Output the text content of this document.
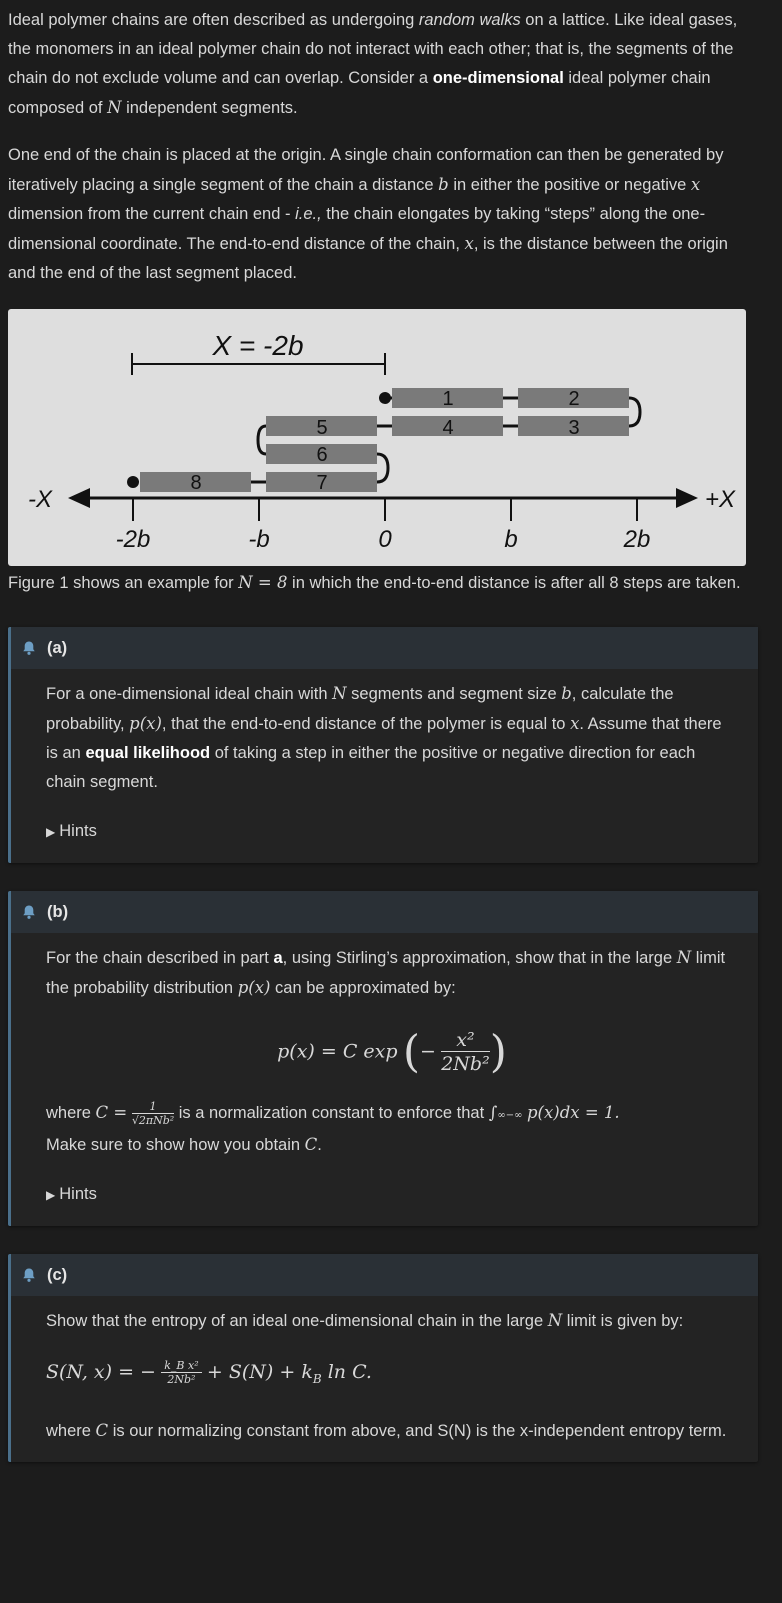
Ideal polymer chains are often described as undergoing random walks on a lattice. Like ideal gases, the monomers in an ideal polymer chain do not interact with each other; that is, the segments of the chain do not exclude volume and can overlap. Consider a one-dimensional ideal polymer chain composed of N independent segments.

One end of the chain is placed at the origin. A single chain conformation can then be generated by iteratively placing a single segment of the chain a distance b in either the positive or negative x dimension from the current chain end - i.e., the chain elongates by taking “steps” along the one-dimensional coordinate. The end-to-end distance of the chain, x, is the distance between the origin and the end of the last segment placed.

X = -2b
1	2
3
4
5
6
7
8
-X	+X
-2b	-b	0	b	2b

Figure 1 shows an example for N = 8 in which the end-to-end distance is after all 8 steps are taken.

(a)

For a one-dimensional ideal chain with N segments and segment size b, calculate the probability, p(x), that the end-to-end distance of the polymer is equal to x. Assume that there is an equal likelihood of taking a step in either the positive or negative direction for each chain segment.

▶ Hints
(b)

For the chain described in part a, using Stirling’s approximation, show that in the large N limit the probability distribution p(x) can be approximated by:

p(x) = C exp (− $\frac{\text{x²}}{\text{2Nb²}}$ )

where $C = \frac{1}{\text{√2πNb²}}$ is a normalization constant to enforce that ∫∞−∞ p(x)dx = 1.
Make sure to show how you obtain C.

▶ Hints
(c)

Show that the entropy of an ideal one-dimensional chain in the large N limit is given by:

S(N, x) = − $\frac{\text{k\_B x²}}{\text{2Nb²}} + S(N) + k_B$ ln C.

where C is our normalizing constant from above, and S(N) is the x-independent entropy term.
